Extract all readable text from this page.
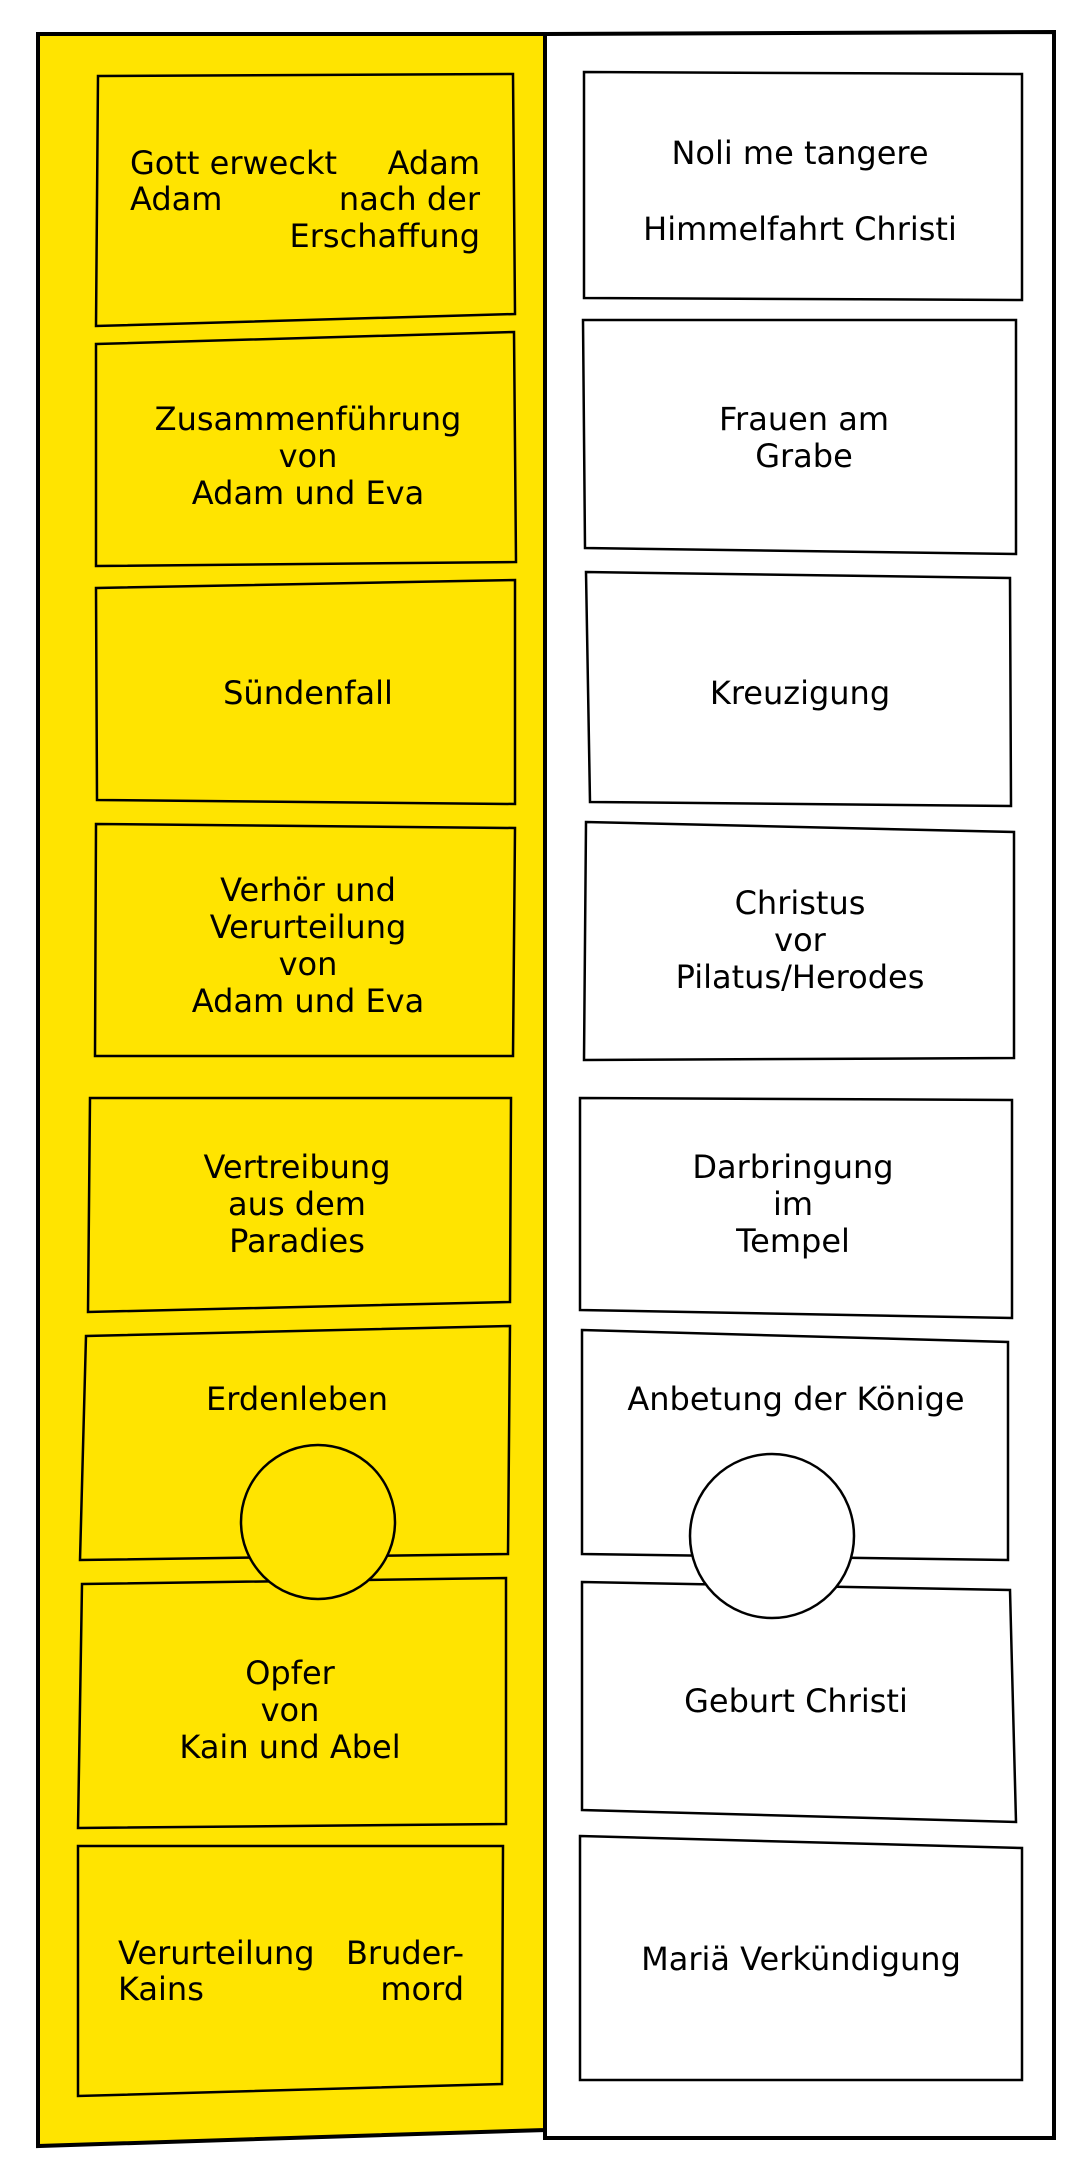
Gott erweckt
Adam
Adam
nach der
Erschaffung
Zusammenführung
von
Adam und Eva
Sündenfall
Verhör und
Verurteilung
von
Adam und Eva
Vertreibung
aus dem
Paradies
Erdenleben
Opfer
von
Kain und Abel
Verurteilung
Kains
Bruder-
mord
Noli me tangere
Himmelfahrt Christi
Frauen am
Grabe
Kreuzigung
Christus
vor
Pilatus/Herodes
Darbringung
im
Tempel
Anbetung der Könige
Geburt Christi
Mariä Verkündigung
